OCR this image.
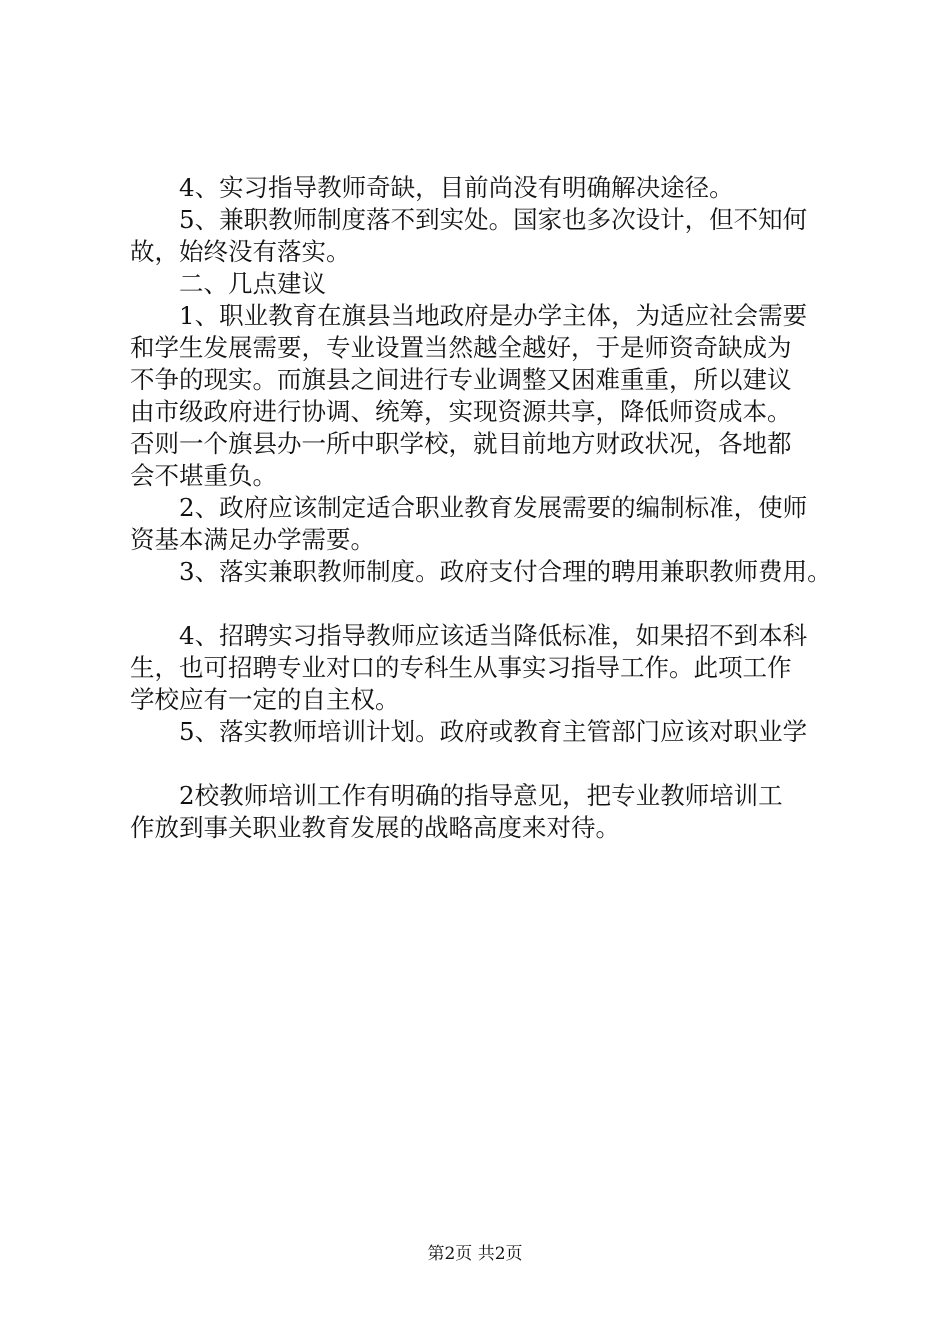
4、实习指导教师奇缺，目前尚没有明确解决途径。
5、兼职教师制度落不到实处。国家也多次设计，但不知何
故，始终没有落实。
二、几点建议
1、职业教育在旗县当地政府是办学主体，为适应社会需要
和学生发展需要，专业设置当然越全越好，于是师资奇缺成为
不争的现实。而旗县之间进行专业调整又困难重重，所以建议
由市级政府进行协调、统筹，实现资源共享，降低师资成本。
否则一个旗县办一所中职学校，就目前地方财政状况，各地都
会不堪重负。
2、政府应该制定适合职业教育发展需要的编制标准，使师
资基本满足办学需要。
3、落实兼职教师制度。政府支付合理的聘用兼职教师费用。
4、招聘实习指导教师应该适当降低标准，如果招不到本科
生，也可招聘专业对口的专科生从事实习指导工作。此项工作
学校应有一定的自主权。
5、落实教师培训计划。政府或教育主管部门应该对职业学
2校教师培训工作有明确的指导意见，把专业教师培训工
作放到事关职业教育发展的战略高度来对待。
第2页 共2页
